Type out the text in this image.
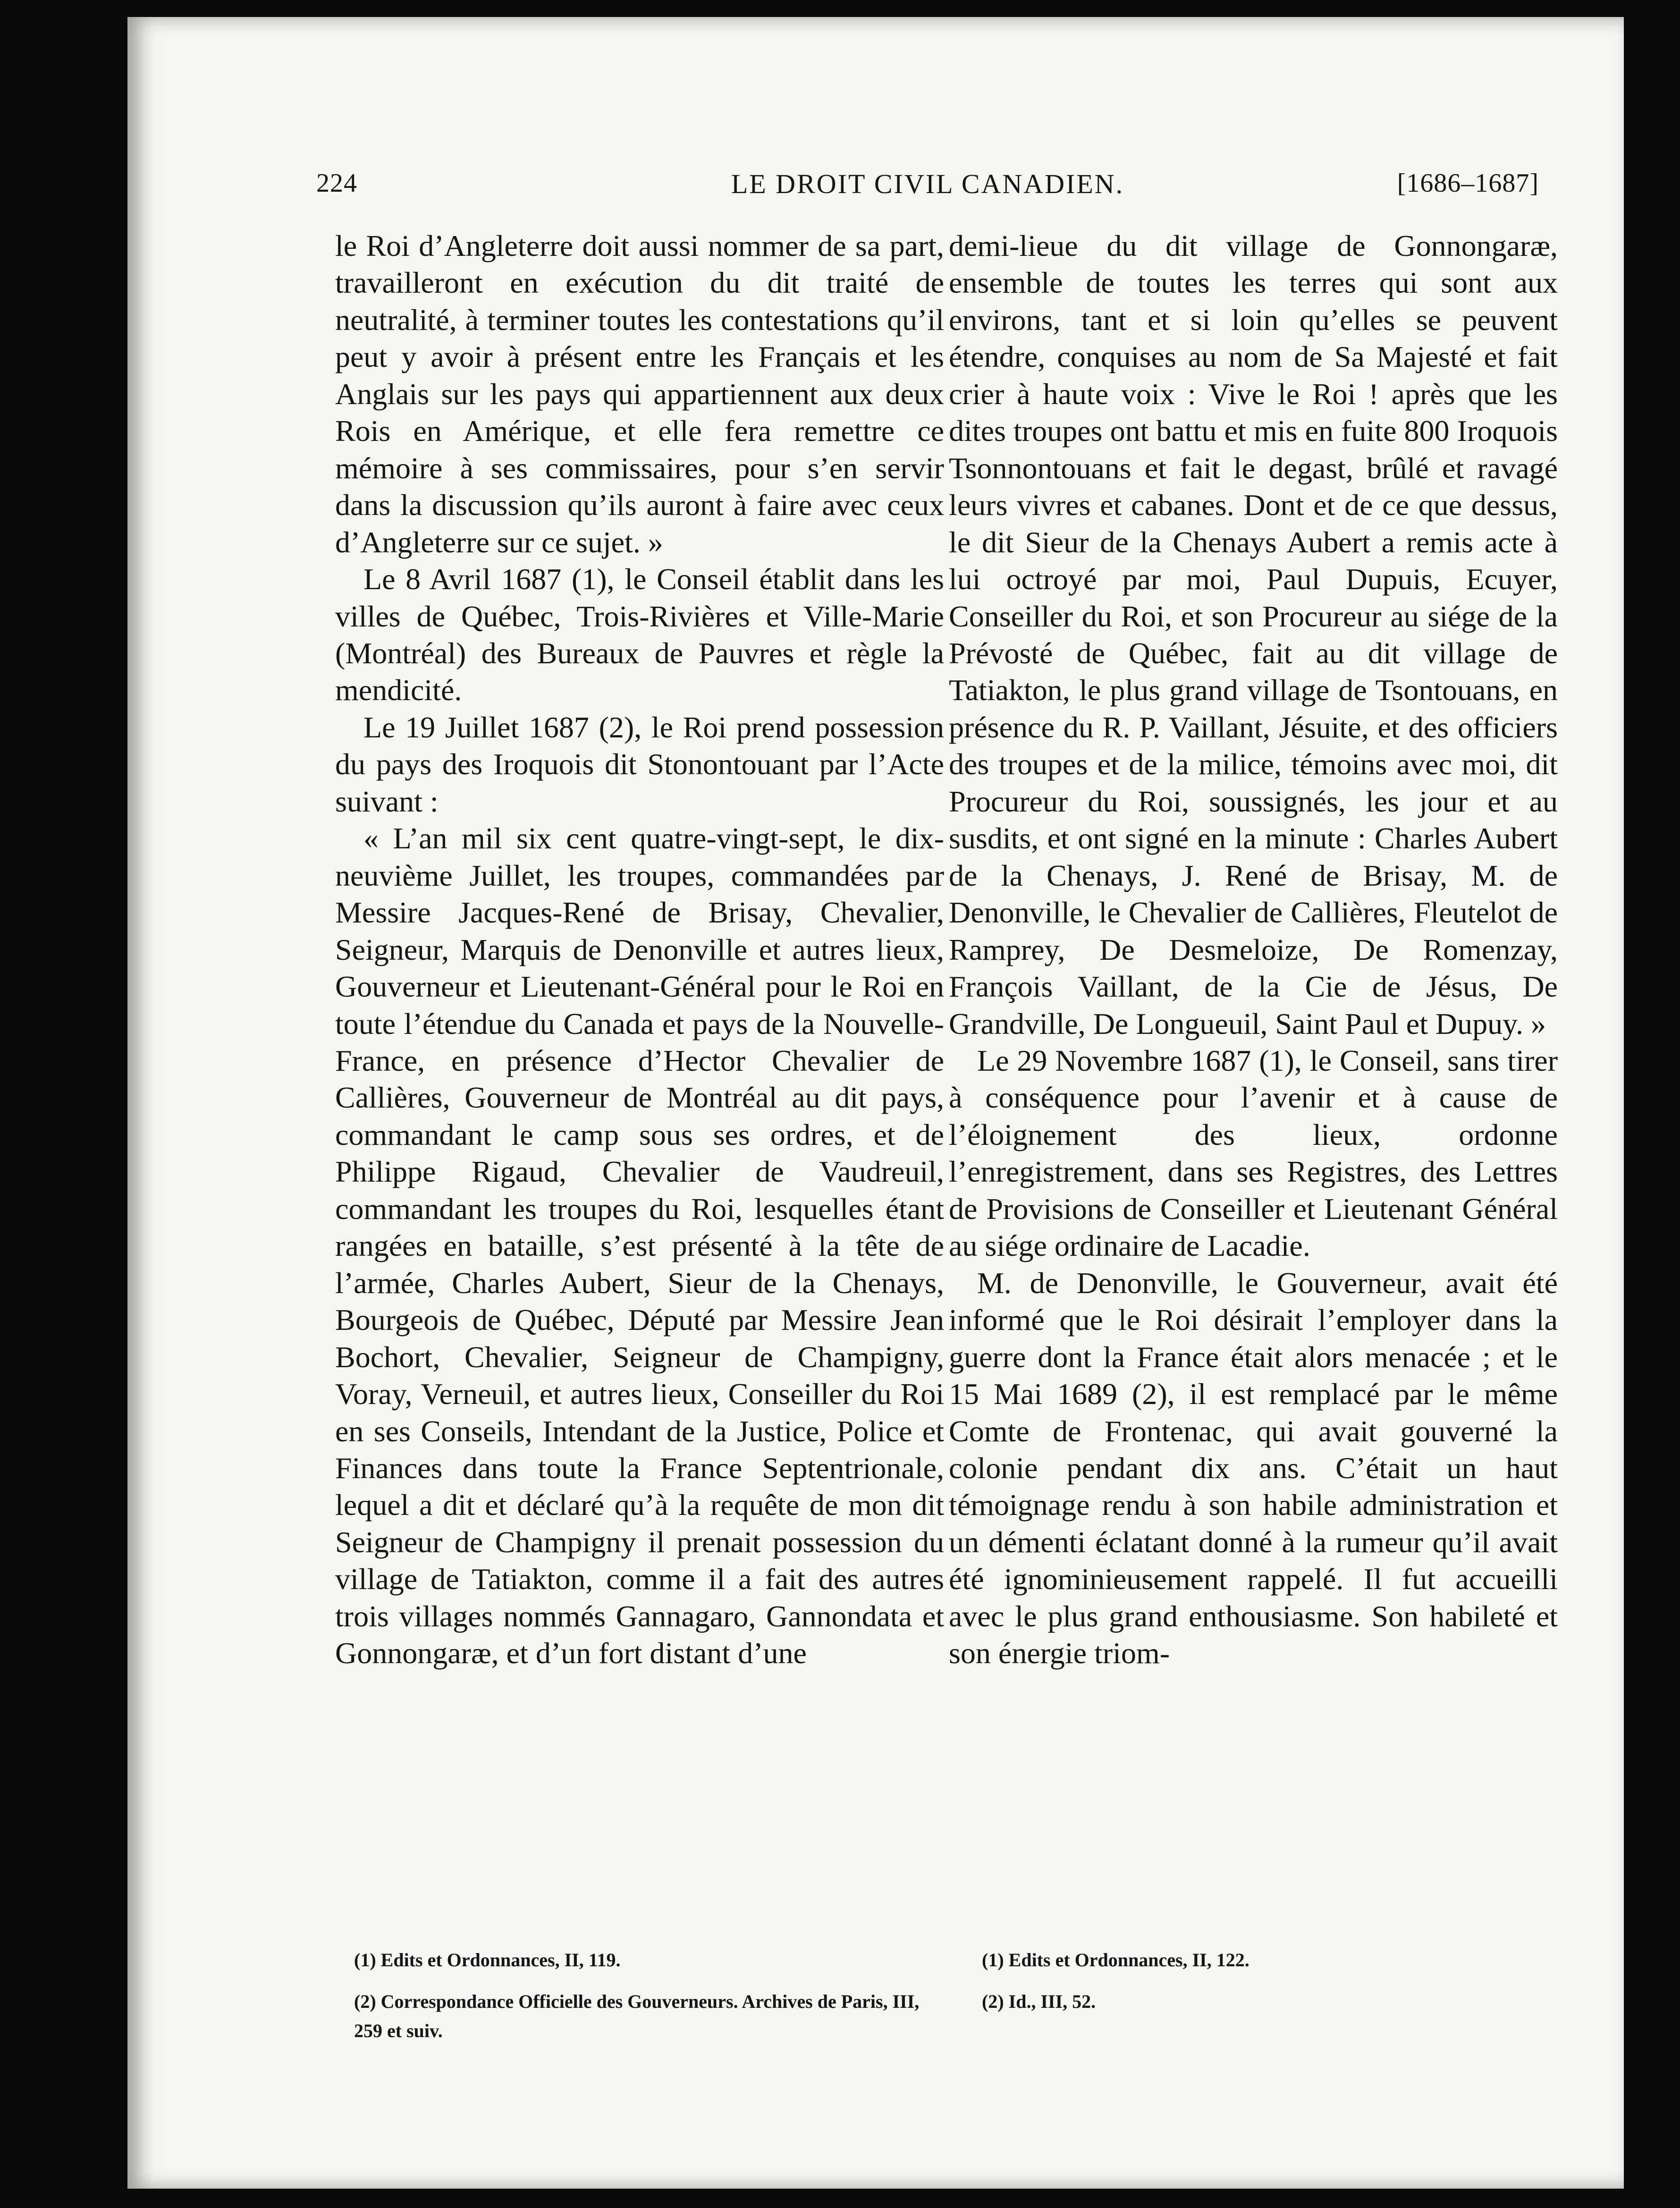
224	LE DROIT CIVIL CANADIEN.	[1686–1687]

le Roi d’Angleterre doit aussi nommer de sa part, travailleront en exécution du dit traité de neutralité, à terminer toutes les contestations qu’il peut y avoir à présent entre les Français et les Anglais sur les pays qui appartiennent aux deux Rois en Amérique, et elle fera remettre ce mémoire à ses commissaires, pour s’en servir dans la discussion qu’ils auront à faire avec ceux d’Angleterre sur ce sujet. »

Le 8 Avril 1687 (1), le Conseil établit dans les villes de Québec, Trois-Rivières et Ville-Marie (Montréal) des Bureaux de Pauvres et règle la mendicité.

Le 19 Juillet 1687 (2), le Roi prend possession du pays des Iroquois dit Stonontouant par l’Acte suivant :

« L’an mil six cent quatre-vingt-sept, le dix-neuvième Juillet, les troupes, commandées par Messire Jacques-René de Brisay, Chevalier, Seigneur, Marquis de Denonville et autres lieux, Gouverneur et Lieutenant-Général pour le Roi en toute l’étendue du Canada et pays de la Nouvelle-France, en présence d’Hector Chevalier de Callières, Gouverneur de Montréal au dit pays, commandant le camp sous ses ordres, et de Philippe Rigaud, Chevalier de Vaudreuil, commandant les troupes du Roi, lesquelles étant rangées en bataille, s’est présenté à la tête de l’armée, Charles Aubert, Sieur de la Chenays, Bourgeois de Québec, Député par Messire Jean Bochort, Chevalier, Seigneur de Champigny, Voray, Verneuil, et autres lieux, Conseiller du Roi en ses Conseils, Intendant de la Justice, Police et Finances dans toute la France Septentrionale, lequel a dit et déclaré qu’à la requête de mon dit Seigneur de Champigny il prenait possession du village de Tatiakton, comme il a fait des autres trois villages nommés Gannagaro, Gannondata et Gonnongaræ, et d’un fort distant d’une

demi-lieue du dit village de Gonnongaræ, ensemble de toutes les terres qui sont aux environs, tant et si loin qu’elles se peuvent étendre, conquises au nom de Sa Majesté et fait crier à haute voix : Vive le Roi ! après que les dites troupes ont battu et mis en fuite 800 Iroquois Tsonnontouans et fait le degast, brûlé et ravagé leurs vivres et cabanes. Dont et de ce que dessus, le dit Sieur de la Chenays Aubert a remis acte à lui octroyé par moi, Paul Dupuis, Ecuyer, Conseiller du Roi, et son Procureur au siége de la Prévosté de Québec, fait au dit village de Tatiakton, le plus grand village de Tsontouans, en présence du R. P. Vaillant, Jésuite, et des officiers des troupes et de la milice, témoins avec moi, dit Procureur du Roi, soussignés, les jour et au susdits, et ont signé en la minute : Charles Aubert de la Chenays, J. René de Brisay, M. de Denonville, le Chevalier de Callières, Fleutelot de Ramprey, De Desmeloize, De Romenzay, François Vaillant, de la Cie de Jésus, De Grandville, De Longueuil, Saint Paul et Dupuy. »

Le 29 Novembre 1687 (1), le Conseil, sans tirer à conséquence pour l’avenir et à cause de l’éloignement des lieux, ordonne l’enregistrement, dans ses Registres, des Lettres de Provisions de Conseiller et Lieutenant Général au siége ordinaire de Lacadie.

M. de Denonville, le Gouverneur, avait été informé que le Roi désirait l’employer dans la guerre dont la France était alors menacée ; et le 15 Mai 1689 (2), il est remplacé par le même Comte de Frontenac, qui avait gouverné la colonie pendant dix ans. C’était un haut témoignage rendu à son habile administration et un démenti éclatant donné à la rumeur qu’il avait été ignominieusement rappelé. Il fut accueilli avec le plus grand enthousiasme. Son habileté et son énergie triom-

(1) Edits et Ordonnances, II, 119.

(2) Correspondance Officielle des Gouverneurs. Archives de Paris, III, 259 et suiv.

(1) Edits et Ordonnances, II, 122.

(2) Id., III, 52.
